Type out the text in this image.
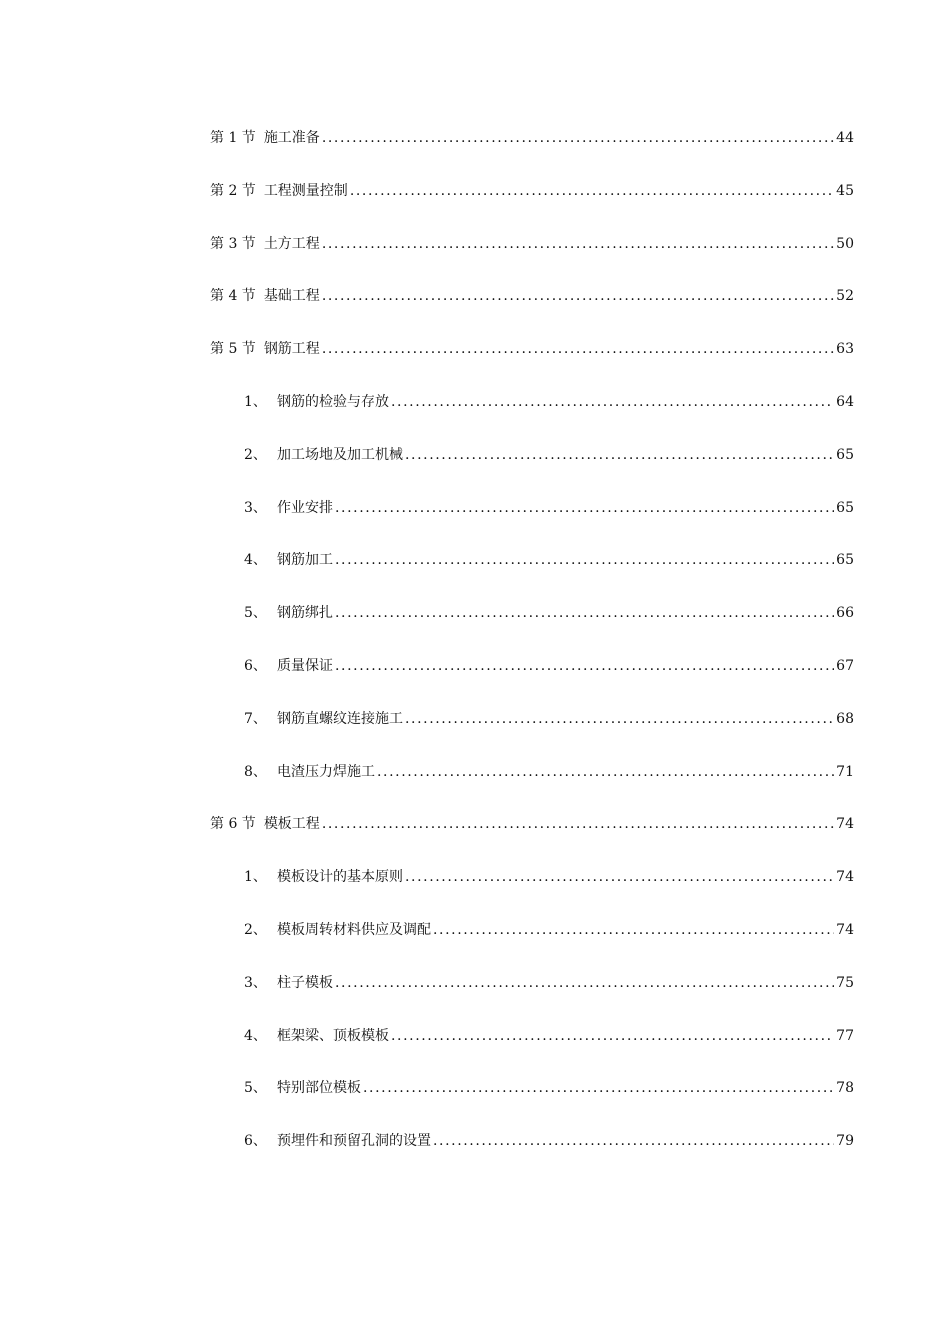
第 1 节 施工准备 .....	44
第 2 节 工程测量控制 .....	45
第 3 节 土方工程 .....	50
第 4 节 基础工程 .....	52
第 5 节 钢筋工程 .....	63
1、 钢筋的检验与存放 .....	64
2、 加工场地及加工机械 .....	65
3、 作业安排 .....	65
4、 钢筋加工 .....	65
5、 钢筋绑扎 .....	66
6、 质量保证 .....	67
7、 钢筋直螺纹连接施工 .....	68
8、 电渣压力焊施工 .....	71
第 6 节 模板工程 .....	74
1、 模板设计的基本原则 .....	74
2、 模板周转材料供应及调配 .....	74
3、 柱子模板 .....	75
4、 框架梁、顶板模板 .....	77
5、 特别部位模板 .....	78
6、 预埋件和预留孔洞的设置 .....	79
